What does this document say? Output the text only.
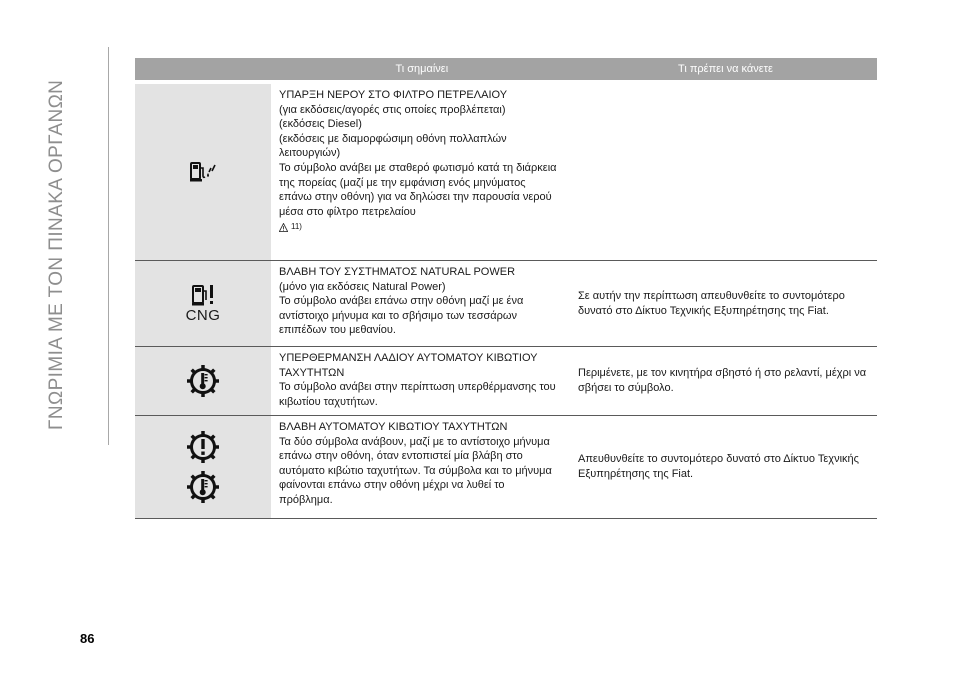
ΓΝΩΡΙΜΙΑ ΜΕ ΤΟΝ ΠΙΝΑΚΑ ΟΡΓΑΝΩΝ
Τι σημαίνει	Τι πρέπει να κάνετε
ΥΠΑΡΞΗ ΝΕΡΟΥ ΣΤΟ ΦΙΛΤΡΟ ΠΕΤΡΕΛΑΙΟΥ
(για εκδόσεις/αγορές στις οποίες προβλέπεται)
(εκδόσεις Diesel)
(εκδόσεις με διαμορφώσιμη οθόνη πολλαπλών λειτουργιών)
Το σύμβολο ανάβει με σταθερό φωτισμό κατά τη διάρκεια της πορείας (μαζί με την εμφάνιση ενός μηνύματος επάνω στην οθόνη) για να δηλώσει την παρουσία νερού μέσα στο φίλτρο πετρελαίου
11)
CNG
ΒΛΑΒΗ ΤΟΥ ΣΥΣΤΗΜΑΤΟΣ NATURAL POWER
(μόνο για εκδόσεις Natural Power)
Το σύμβολο ανάβει επάνω στην οθόνη μαζί με ένα αντίστοιχο μήνυμα και το σβήσιμο των τεσσάρων επιπέδων του μεθανίου.
Σε αυτήν την περίπτωση απευθυνθείτε το συντομότερο δυνατό στο Δίκτυο Τεχνικής Εξυπηρέτησης της Fiat.
ΥΠΕΡΘΕΡΜΑΝΣΗ ΛΑΔΙΟΥ ΑΥΤΟΜΑΤΟΥ ΚΙΒΩΤΙΟΥ ΤΑΧΥΤΗΤΩΝ
Το σύμβολο ανάβει στην περίπτωση υπερθέρμανσης του κιβωτίου ταχυτήτων.
Περιμένετε, με τον κινητήρα σβηστό ή στο ρελαντί, μέχρι να σβήσει το σύμβολο.
ΒΛΑΒΗ ΑΥΤΟΜΑΤΟΥ ΚΙΒΩΤΙΟΥ ΤΑΧΥΤΗΤΩΝ
Τα δύο σύμβολα ανάβουν, μαζί με το αντίστοιχο μήνυμα επάνω στην οθόνη, όταν εντοπιστεί μία βλάβη στο αυτόματο κιβώτιο ταχυτήτων. Τα σύμβολα και το μήνυμα φαίνονται επάνω στην οθόνη μέχρι να λυθεί το πρόβλημα.
Απευθυνθείτε το συντομότερο δυνατό στο Δίκτυο Τεχνικής Εξυπηρέτησης της Fiat.
86
